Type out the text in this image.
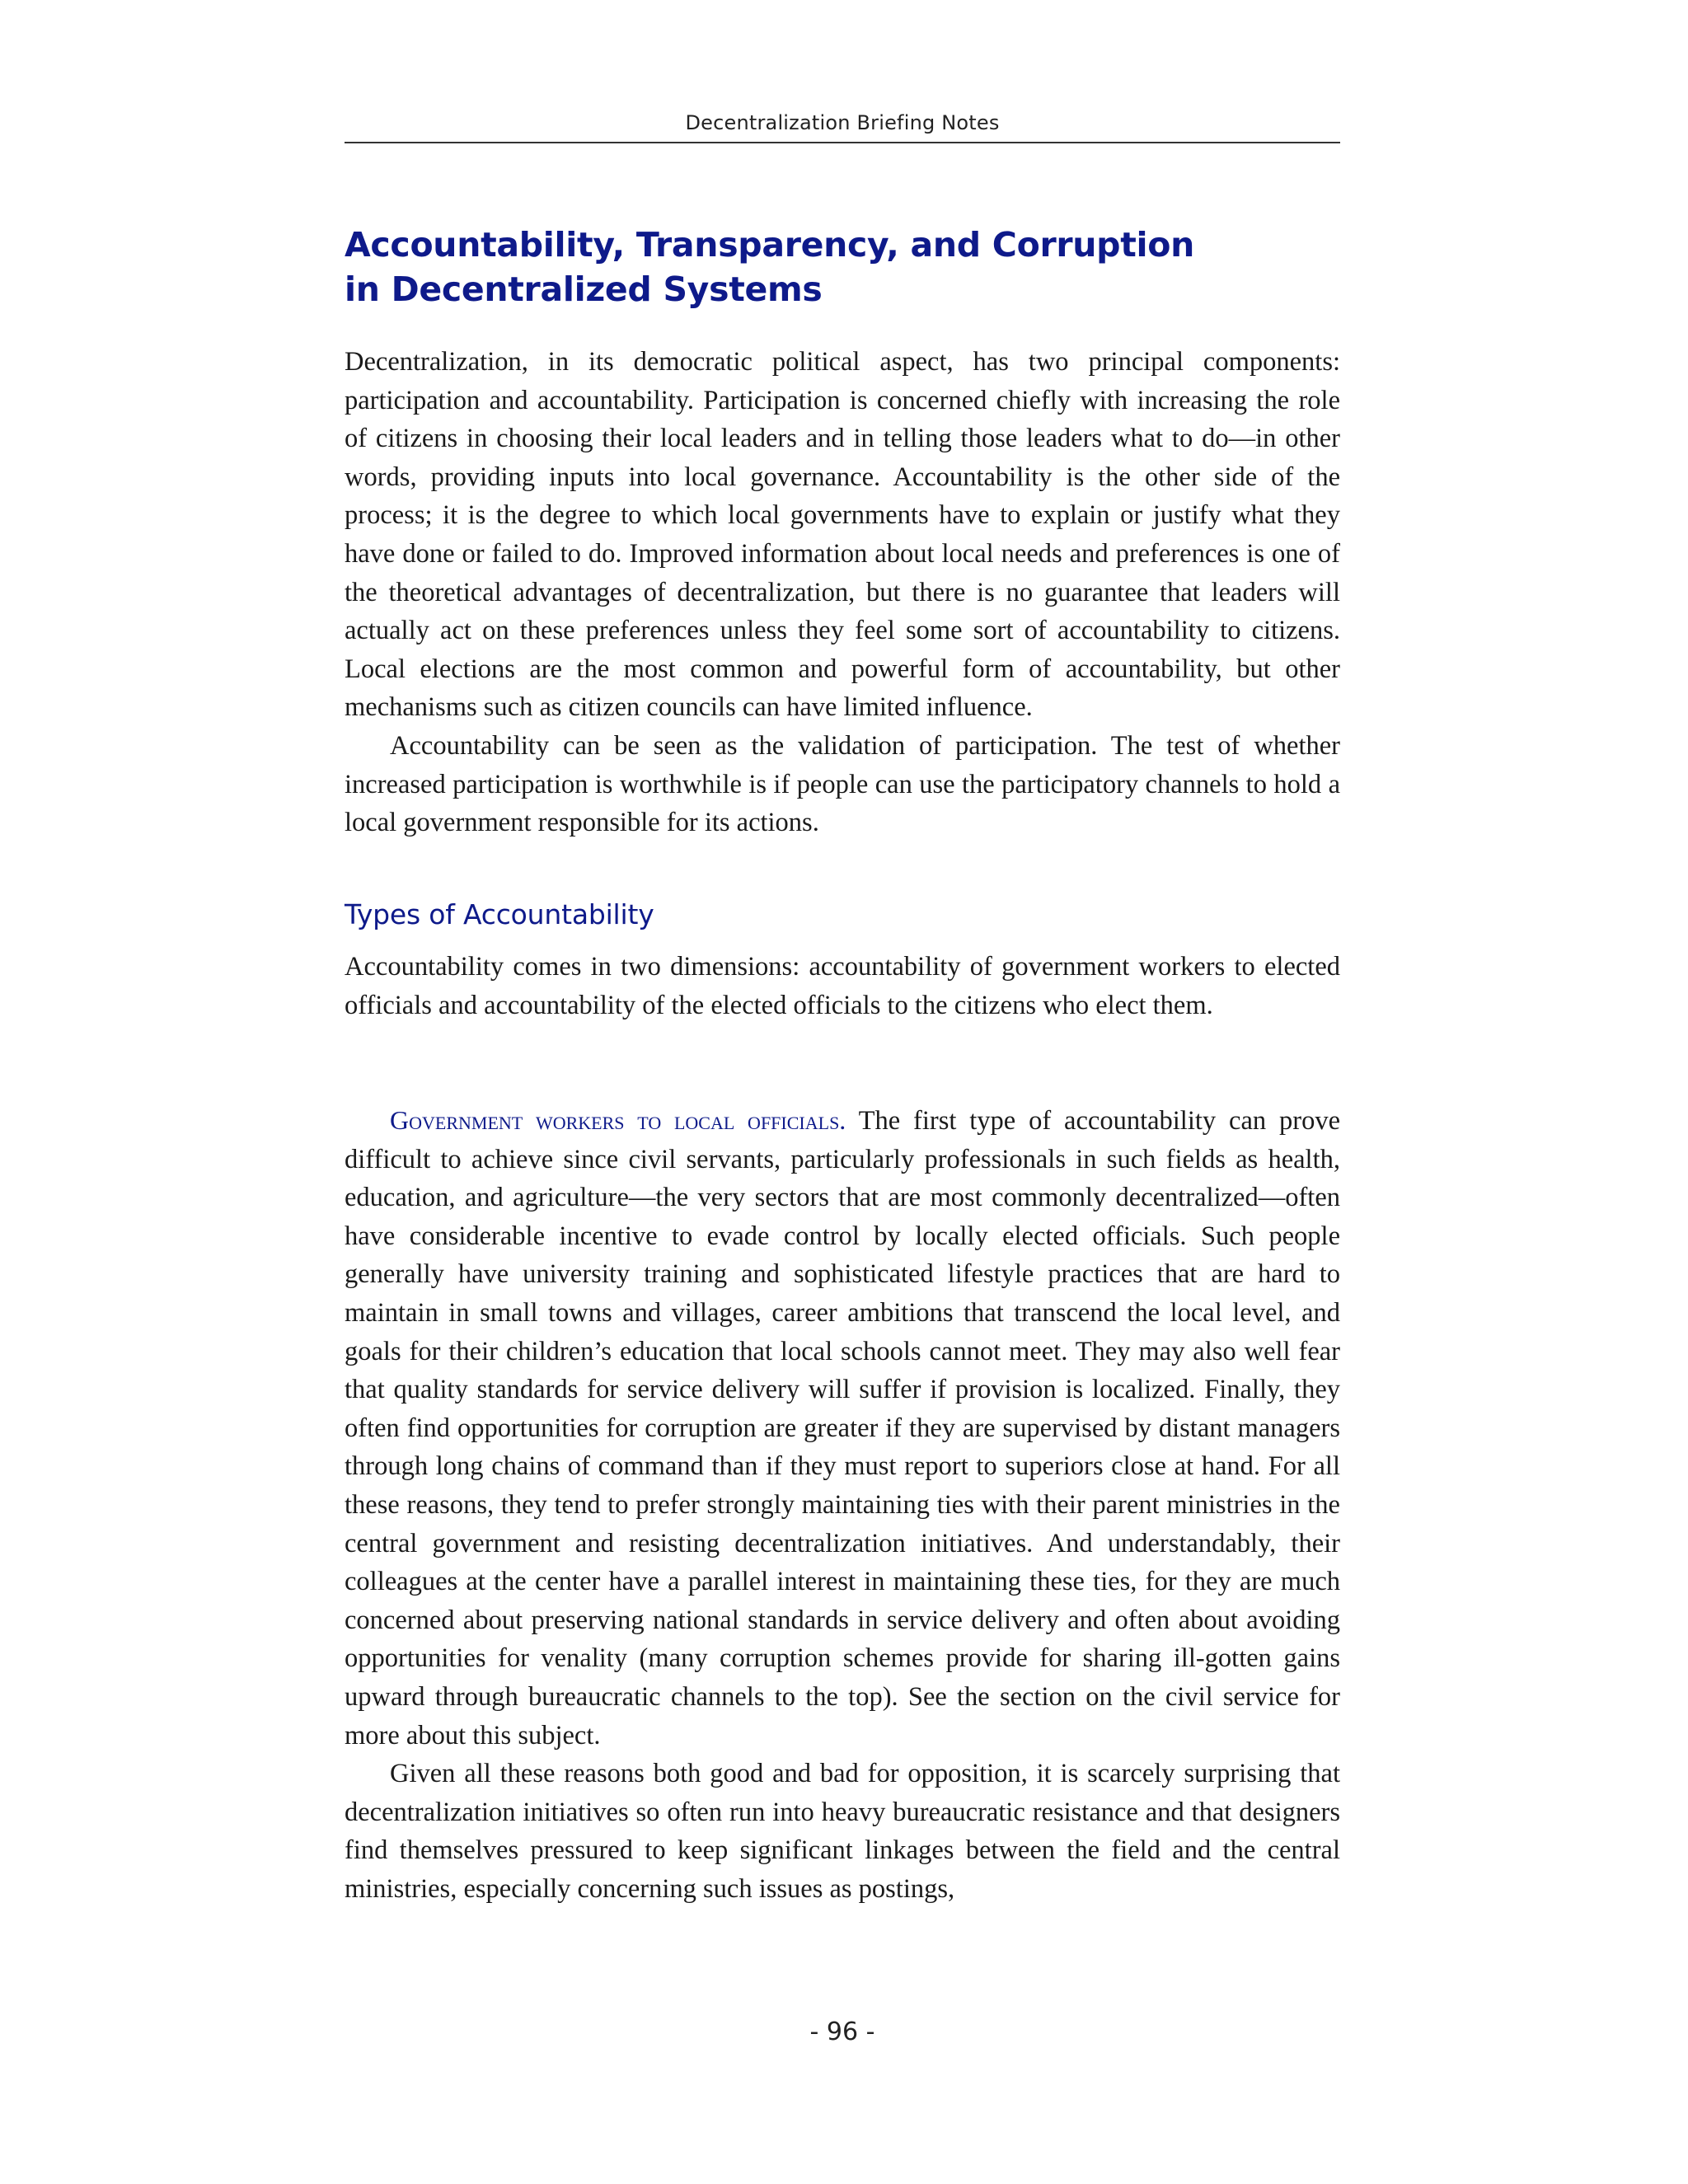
Decentralization Briefing Notes
Accountability, Transparency, and Corruption
in Decentralized Systems

Decentralization, in its democratic political aspect, has two principal components: participation and accountability. Participation is concerned chiefly with increasing the role of citizens in choosing their local leaders and in telling those leaders what to do—in other words, providing inputs into local governance. Accountability is the other side of the process; it is the degree to which local governments have to explain or justify what they have done or failed to do. Improved information about local needs and preferences is one of the theoretical advantages of decentralization, but there is no guarantee that leaders will actually act on these preferences unless they feel some sort of accountability to citizens. Local elections are the most common and powerful form of accountability, but other mechanisms such as citizen councils can have limited influence.

Accountability can be seen as the validation of participation. The test of whether increased participation is worthwhile is if people can use the participatory channels to hold a local government responsible for its actions.

Types of Accountability

Accountability comes in two dimensions: accountability of government workers to elected officials and accountability of the elected officials to the citizens who elect them.

Government workers to local officials. The first type of accountability can prove difficult to achieve since civil servants, particularly professionals in such fields as health, education, and agriculture—the very sectors that are most commonly decentralized—often have considerable incentive to evade control by locally elected officials. Such people generally have university training and sophisticated lifestyle practices that are hard to maintain in small towns and villages, career ambitions that transcend the local level, and goals for their children’s education that local schools cannot meet. They may also well fear that quality standards for service delivery will suffer if provision is localized. Finally, they often find opportunities for corruption are greater if they are supervised by distant managers through long chains of command than if they must report to superiors close at hand. For all these reasons, they tend to prefer strongly maintaining ties with their parent ministries in the central government and resisting decentralization initiatives. And understandably, their colleagues at the center have a parallel interest in maintaining these ties, for they are much concerned about preserving national standards in service delivery and often about avoiding opportunities for venality (many corruption schemes provide for sharing ill-gotten gains upward through bureaucratic channels to the top). See the section on the civil service for more about this subject.

Given all these reasons both good and bad for opposition, it is scarcely surprising that decentralization initiatives so often run into heavy bureaucratic resistance and that designers find themselves pressured to keep significant linkages between the field and the central ministries, especially concerning such issues as postings,

- 96 -
